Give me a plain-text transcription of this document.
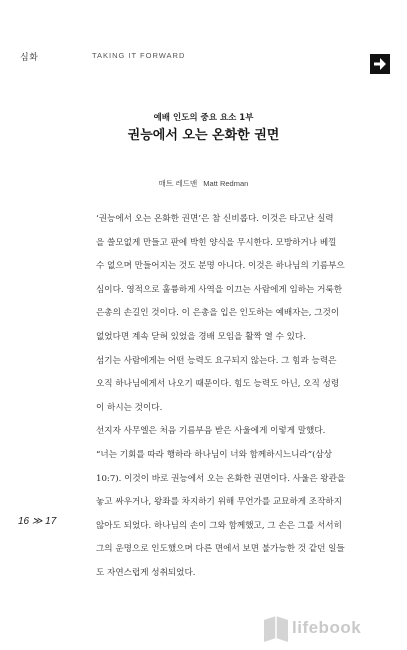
심화	TAKING IT FORWARD
예배 인도의 중요 요소 1부
권능에서 오는 온화한 권면
매트 레드맨 Matt Redman
‘권능에서 오는 온화한 권면’은 참 신비롭다. 이것은 타고난 실력
을 쓸모없게 만들고 판에 박힌 양식을 무시한다. 모방하거나 베낄
수 없으며 만들어지는 것도 분명 아니다. 이것은 하나님의 기름부으
심이다. 영적으로 훌륭하게 사역을 이끄는 사람에게 임하는 거룩한
은총의 손길인 것이다. 이 은총을 입은 인도하는 예배자는, 그것이
없었다면 계속 닫혀 있었을 경배 모임을 활짝 열 수 있다.
섬기는 사람에게는 어떤 능력도 요구되지 않는다. 그 힘과 능력은
오직 하나님에게서 나오기 때문이다. 힘도 능력도 아닌, 오직 성령
이 하시는 것이다.
선지자 사무엘은 처음 기름부음 받은 사울에게 이렇게 말했다.
“너는 기회를 따라 행하라 하나님이 너와 함께하시느니라”(삼상
10:7). 이것이 바로 권능에서 오는 온화한 권면이다. 사울은 왕관을
놓고 싸우거나, 왕좌를 차지하기 위해 무언가를 교묘하게 조작하지
않아도 되었다. 하나님의 손이 그와 함께했고, 그 손은 그를 서서히
그의 운명으로 인도했으며 다른 면에서 보면 불가능한 것 같던 일들
도 자연스럽게 성취되었다.
16 ≫ 17
lifebook
